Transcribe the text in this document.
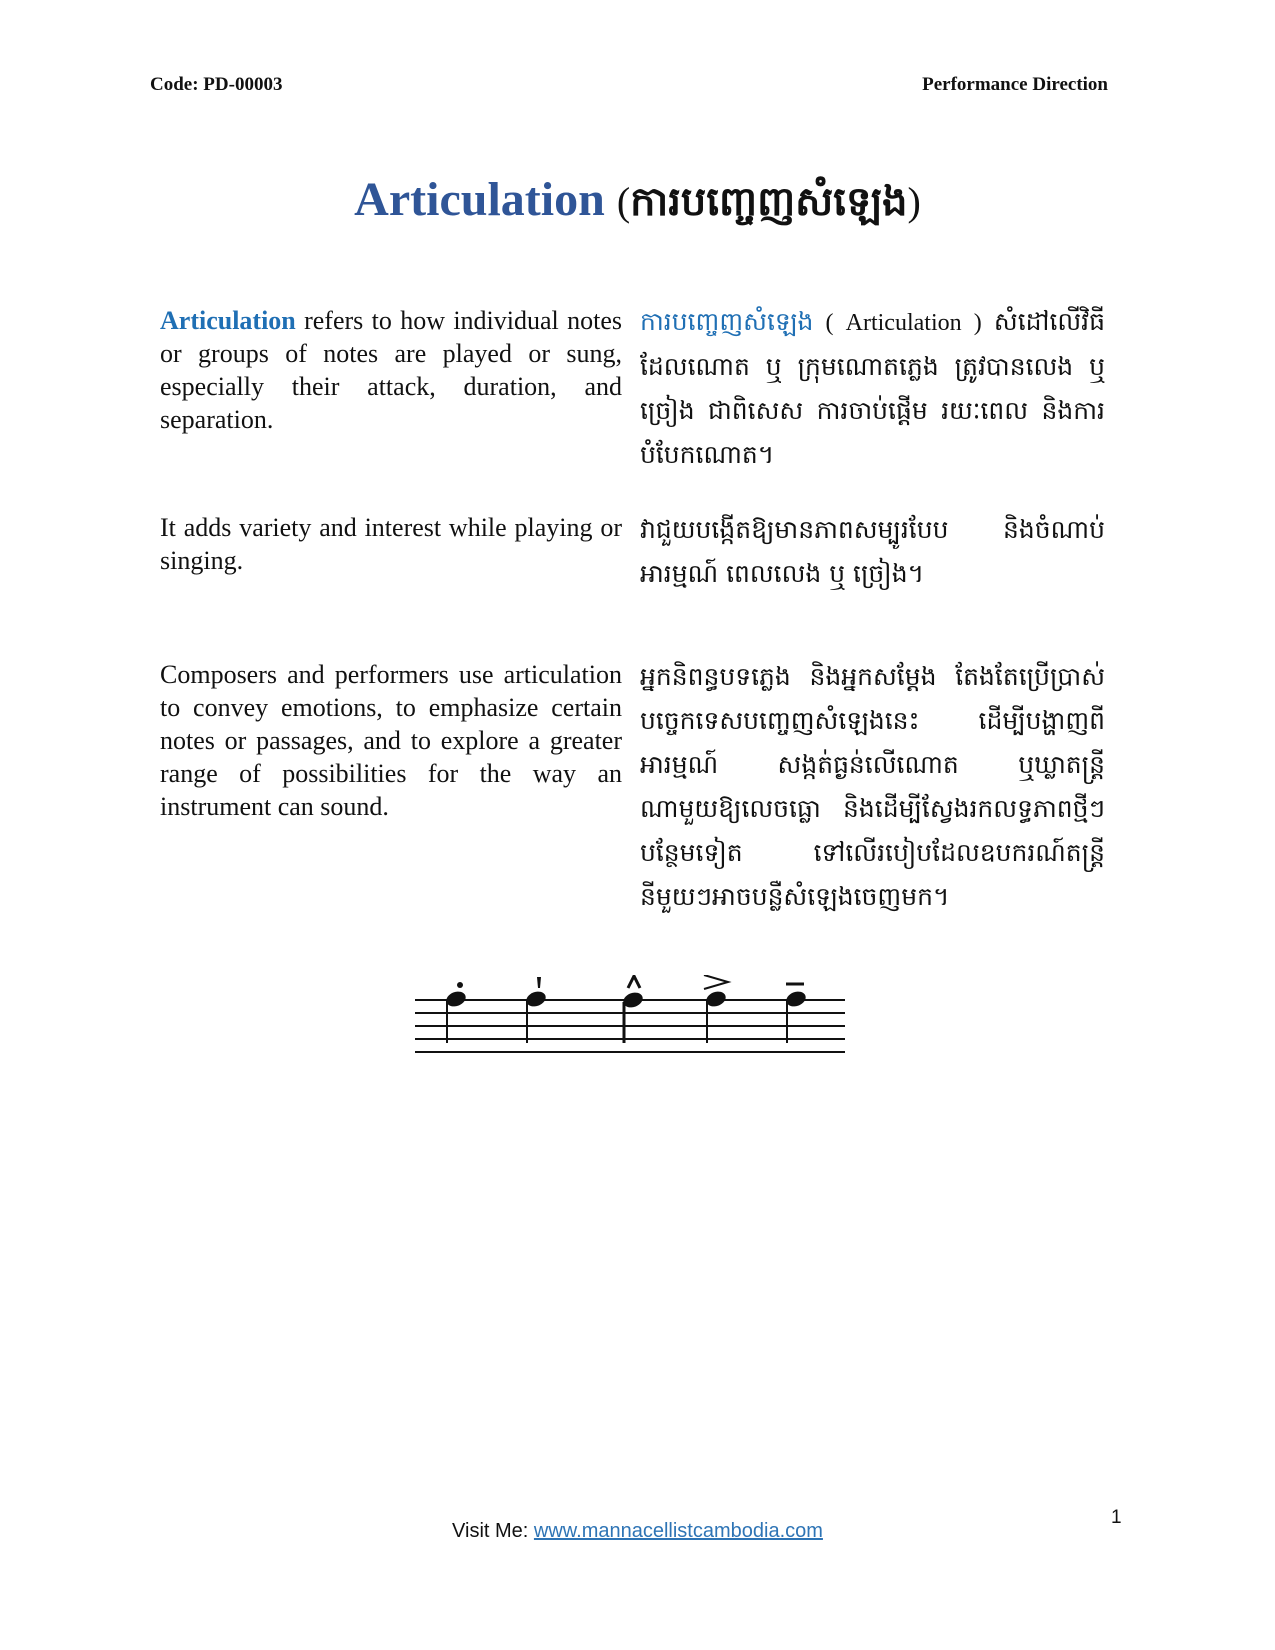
Code: PD-00003	Performance Direction
Articulation (ការបញ្ចេញសំឡេង)
Articulation refers to how individual notes or groups of notes are played or sung, especially their attack, duration, and separation.
ការបញ្ចេញសំឡេង ( Articulation ) សំដៅលើវិធីដែលណោត ឬ ក្រុមណោតភ្លេង ត្រូវបានលេង ឬ ច្រៀង ជាពិសេស ការចាប់ផ្ដើម រយៈពេល និងការបំបែកណោត។
It adds variety and interest while playing or singing.
វាជួយបង្កើតឱ្យមានភាពសម្បូរបែប និងចំណាប់អារម្មណ៍ ពេលលេង ឬ ច្រៀង។
Composers and performers use articulation to convey emotions, to emphasize certain notes or passages, and to explore a greater range of possibilities for the way an instrument can sound.
អ្នកនិពន្ធបទភ្លេង និងអ្នកសម្ដែង តែងតែប្រើប្រាស់បច្ចេកទេសបញ្ចេញសំឡេងនេះ ដើម្បីបង្ហាញពីអារម្មណ៍ សង្កត់ធ្ងន់លើណោត ឬឃ្លាតន្ត្រីណាមួយឱ្យលេចធ្លោ និងដើម្បីស្វែងរកលទ្ធភាពថ្មីៗបន្ថែមទៀត ទៅលើរបៀបដែលឧបករណ៍តន្ត្រីនីមួយៗអាចបន្លឺសំឡេងចេញមក។
1
Visit Me: www.mannacellistcambodia.com
